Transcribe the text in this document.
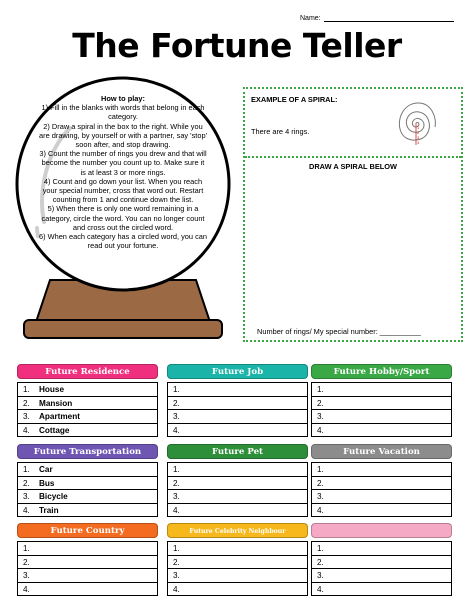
Name:
The Fortune Teller
How to play:
1) Fill in the blanks with words that belong in each category.
2) Draw a spiral in the box to the right. While you are drawing, by yourself or with a partner, say 'stop' soon after, and stop drawing.
3) Count the number of rings you drew and that will become the number you count up to. Make sure it is at least 3 or more rings.
4) Count and go down your list. When you reach your special number, cross that word out. Restart counting from 1 and continue down the list.
5) When there is only one word remaining in a category, circle the word. You can no longer count and cross out the circled word.
6) When each category has a circled word, you can read out your fortune.
EXAMPLE OF A SPIRAL:
There are 4 rings.	1
2
3
4
DRAW A SPIRAL BELOW
Number of rings/ My special number: __________
Future Residence
1.	House
2.	Mansion
3.	Apartment
4.	Cottage
Future Job
1.
2.
3.
4.
Future Hobby/Sport
1.
2.
3.
4.
Future Transportation
1.	Car
2.	Bus
3.	Bicycle
4.	Train
Future Pet
1.
2.
3.
4.
Future Vacation
1.
2.
3.
4.
Future Country
1.
2.
3.
4.
Future Celebrity Neighbour
1.
2.
3.
4.
1.
2.
3.
4.
